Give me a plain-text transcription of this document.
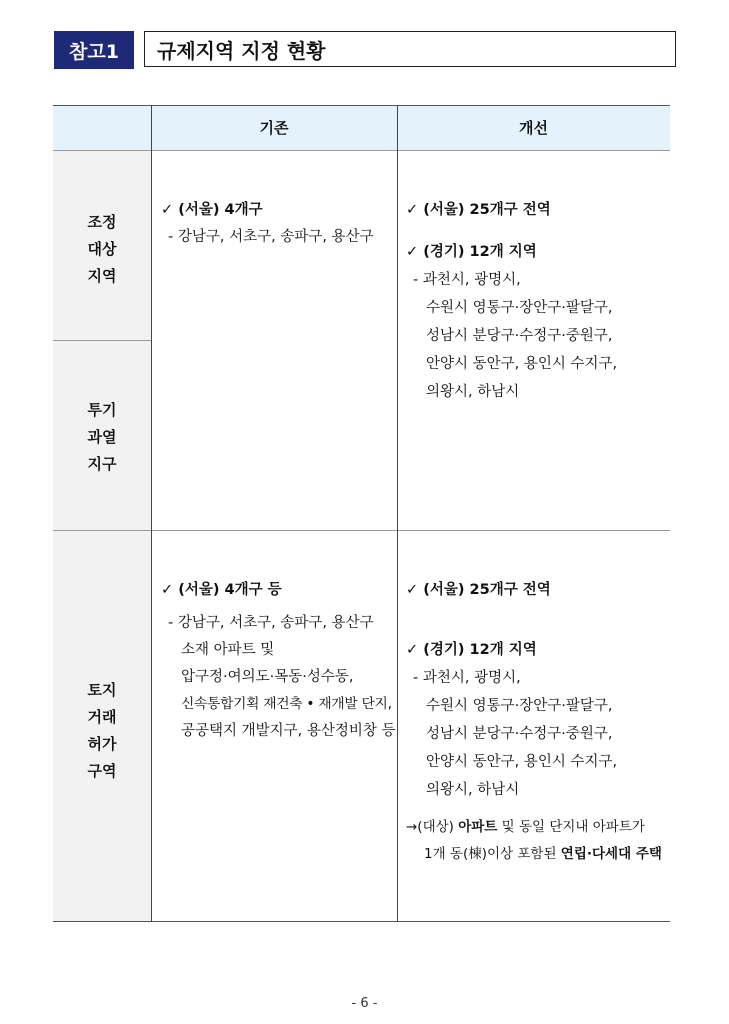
참고1	규제지역 지정 현황
기존	개선
조정
대상
지역
투기
과열
지구
토지
거래
허가
구역
✓ (서울) 4개구
- 강남구, 서초구, 송파구, 용산구
✓ (서울) 25개구 전역
✓ (경기) 12개 지역
- 과천시, 광명시,
수원시 영통구·장안구·팔달구,
성남시 분당구·수정구·중원구,
안양시 동안구, 용인시 수지구,
의왕시, 하남시
✓ (서울) 4개구 등
- 강남구, 서초구, 송파구, 용산구
소재 아파트 및
압구정·여의도·목동·성수동,
신속통합기획 재건축 • 재개발 단지,
공공택지 개발지구, 용산정비창 등
✓ (서울) 25개구 전역
✓ (경기) 12개 지역
- 과천시, 광명시,
수원시 영통구·장안구·팔달구,
성남시 분당구·수정구·중원구,
안양시 동안구, 용인시 수지구,
의왕시, 하남시
→(대상) 아파트 및 동일 단지내 아파트가
1개 동(棟)이상 포함된 연립·다세대 주택
- 6 -
